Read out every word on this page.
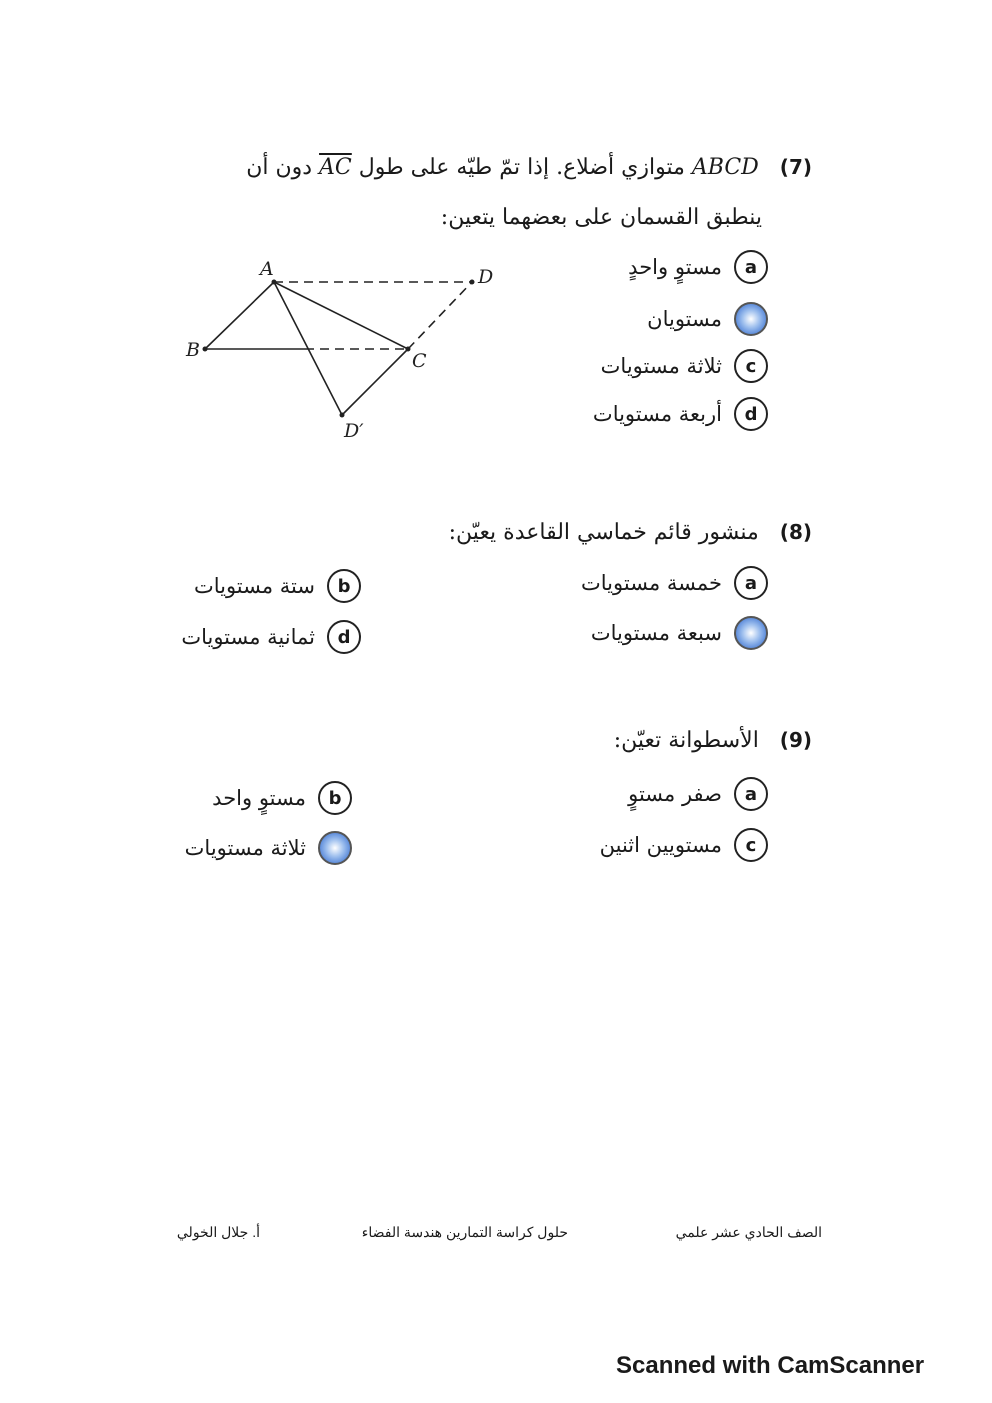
(7)   ABCD متوازي أضلاع. إذا تمّ طيّه على طول AC دون أن
ينطبق القسمان على بعضهما يتعين:
A
B	C
D
D′
a
مستوٍ واحدٍ
مستويان
c
ثلاثة مستويات
d
أربعة مستويات
(8)   منشور قائم خماسي القاعدة يعيّن:
a
خمسة مستويات
b
ستة مستويات
سبعة مستويات
d
ثمانية مستويات
(9)   الأسطوانة تعيّن:
a
صفر مستوٍ
b
مستوٍ واحد
c
مستويين اثنين
ثلاثة مستويات
الصف الحادي عشر علمي
حلول كراسة التمارين هندسة الفضاء
أ. جلال الخولي
Scanned with CamScanner
